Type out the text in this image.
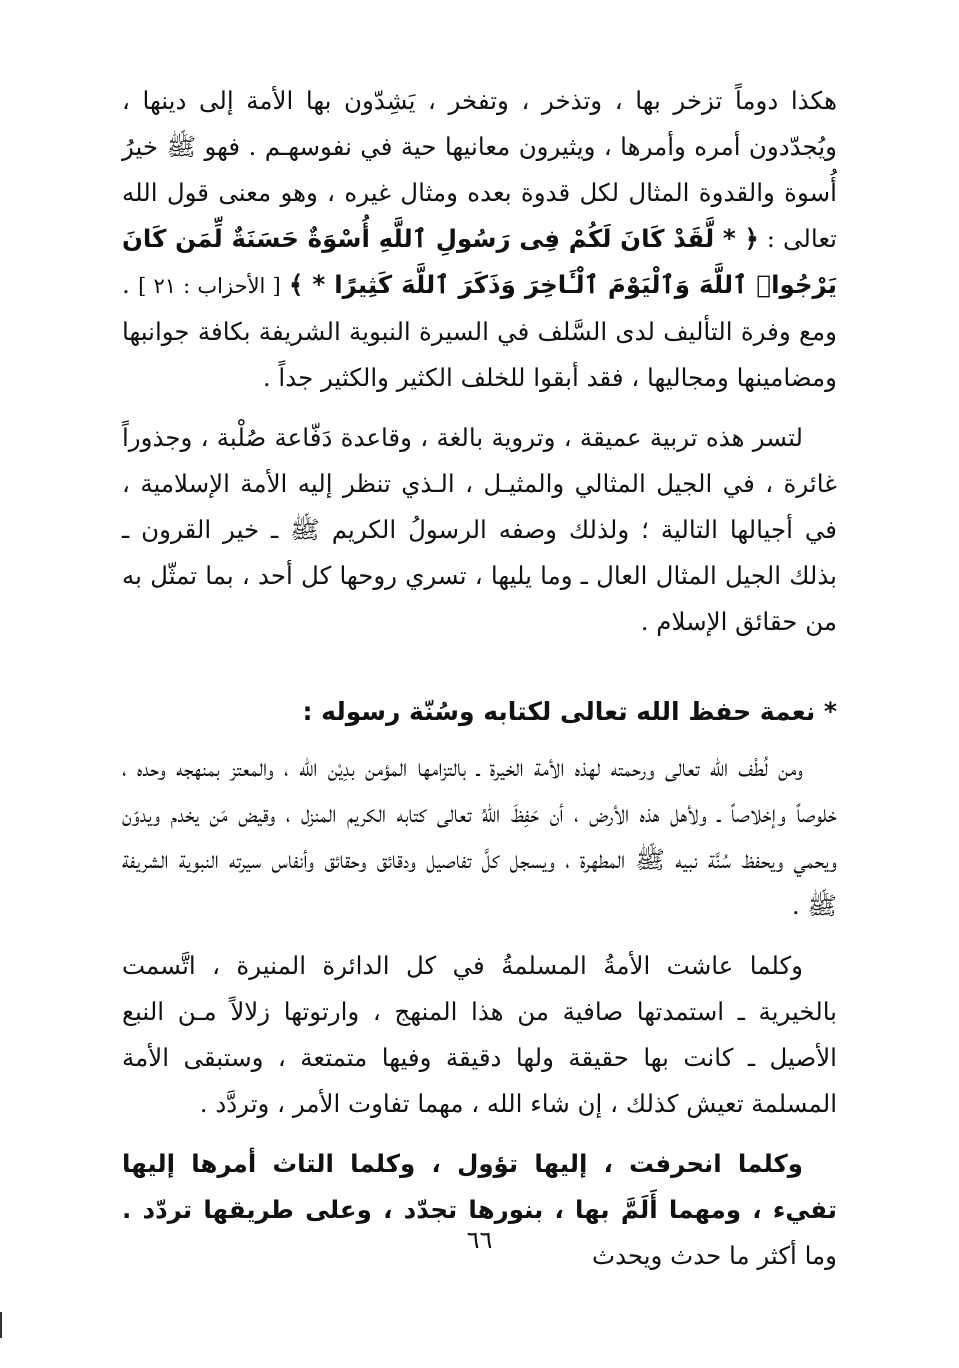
هكذا دوماً تزخر بها ، وتذخر ، وتفخر ، يَشِدّون بها الأمة إلى دينها ، ويُجدّدون أمره وأمرها ، ويثيرون معانيها حية في نفوسهـم . فهو ﷺ خيرُ أُسوة والقدوة المثال لكل قدوة بعده ومثال غيره ، وهو معنى قول الله تعالى : ﴿ * لَّقَدْ كَانَ لَكُمْ فِى رَسُولِ ٱللَّهِ أُسْوَةٌ حَسَنَةٌ لِّمَن كَانَ يَرْجُوا۟ ٱللَّهَ وَٱلْيَوْمَ ٱلْـَٔاخِرَ وَذَكَرَ ٱللَّهَ كَثِيرًا * ﴾ [ الأحزاب : ٢١ ] . ومع وفرة التأليف لدى السَّلف في السيرة النبوية الشريفة بكافة جوانبها ومضامينها ومجاليها ، فقد أبقوا للخلف الكثير والكثير جداً .

لتسر هذه تربية عميقة ، وتروية بالغة ، وقاعدة دَفّاعة صُلْبة ، وجذوراً غائرة ، في الجيل المثالي والمثيـل ، الـذي تنظر إليه الأمة الإسلامية ، في أجيالها التالية ؛ ولذلك وصفه الرسولُ الكريم ﷺ ـ خير القرون ـ بذلك الجيل المثال العال ـ وما يليها ، تسري روحها كل أحد ، بما تمثّل به من حقائق الإسلام .

* نعمة حفظ الله تعالى لكتابه وسُنّة رسوله :

ومن لُطْف الله تعالى ورحمته لهذه الأمة الخيرة ـ بالتزامها المؤمن بدِيْن الله ، والمعتز بمنهجه وحده ، خلوصاً وإخلاصاً ـ ولأهل هذه الأرض ، أن حَفِظَ اللهُ تعالى كتابه الكريم المنزل ، وقيض مَن يخدم ويدوّن ويحمي ويحفظ سُنَّة نبيه ﷺ المطهرة ، ويسجل كلَّ تفاصيل ودقائق وحقائق وأنفاس سيرته النبوية الشريفة ﷺ .

وكلما عاشت الأمةُ المسلمةُ في كل الدائرة المنيرة ، اتَّسمت بالخيرية ـ استمدتها صافية من هذا المنهج ، وارتوتها زلالاً مـن النبع الأصيل ـ كانت بها حقيقة ولها دقيقة وفيها متمتعة ، وستبقى الأمة المسلمة تعيش كذلك ، إن شاء الله ، مهما تفاوت الأمر ، وتردَّد .

وكلما انحرفت ، إليها تؤول ، وكلما التاث أمرها إليها تفيء ، ومهما أَلَمَّ بها ، بنورها تجدّد ، وعلى طريقها تردّد . وما أكثر ما حدث ويحدث

٦٦
